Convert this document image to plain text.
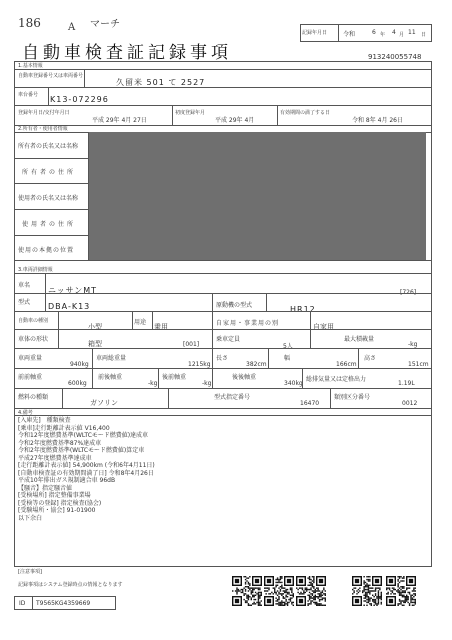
186	A マーチ
記録年月日	令和	6 年 4 月 11 日
自動車検査証記録事項	913240055748
1.基本情報
自動車登録番号又は車両番号
久留米 501 て 2527
車台番号 K13-072296
登録年月日/交付年月日
平成 29年 4月 27日
初度登録年月
平成 29年 4月
有効期間の満了する日
令和 8年 4月 26日
2.所有者・使用者情報
所有者の氏名又は名称
所有者の住所
使用者の氏名又は名称
使用者の住所
使用の本拠の位置
3.車両詳細情報
車名
ニッサンMT	[726]
型式 DBA-K13	原動機の型式	HR12
自動車の種別
小型
用途
乗用	自家用・事業用の別	自家用
車体の形状
箱型	[001]
乗車定員
5人
最大積載量
-kg
車両重量
940kg
車両総重量
1215kg
長さ
382cm
幅
166cm
高さ
151cm
前前軸重
600kg
前後軸重
-kg
後前軸重
-kg
後後軸重
340kg
総排気量又は定格出力
1.19L
燃料の種類
ガソリン
型式指定番号
16470
類別区分番号
0012
4.備考
[入庫先]　種類検査
[乗車]走行距離計表示値 V16,400
令和12年度燃費基準(WLTCモード燃費値)達成車
令和2年度燃費基準87%達成車
令和2年度燃費基準(WLTCモード燃費値)算定車
平成27年度燃費基準達成車
[走行距離計表示値] 54,900km (令和6年4月11日)
[自動車検査証の有効期間満了日] 令和8年4月26日
平成10年排出ガス規制適合車 96dB
【騒音】指定騒音値
[受検場所] 指定整備事業場
[受検等の登録] 指定検査(協会)
[受験場所・協会] 91-01900
以下余白
[注意事項]
記録事項はシステム登録時点の情報となります
ID T9565KG4359669
